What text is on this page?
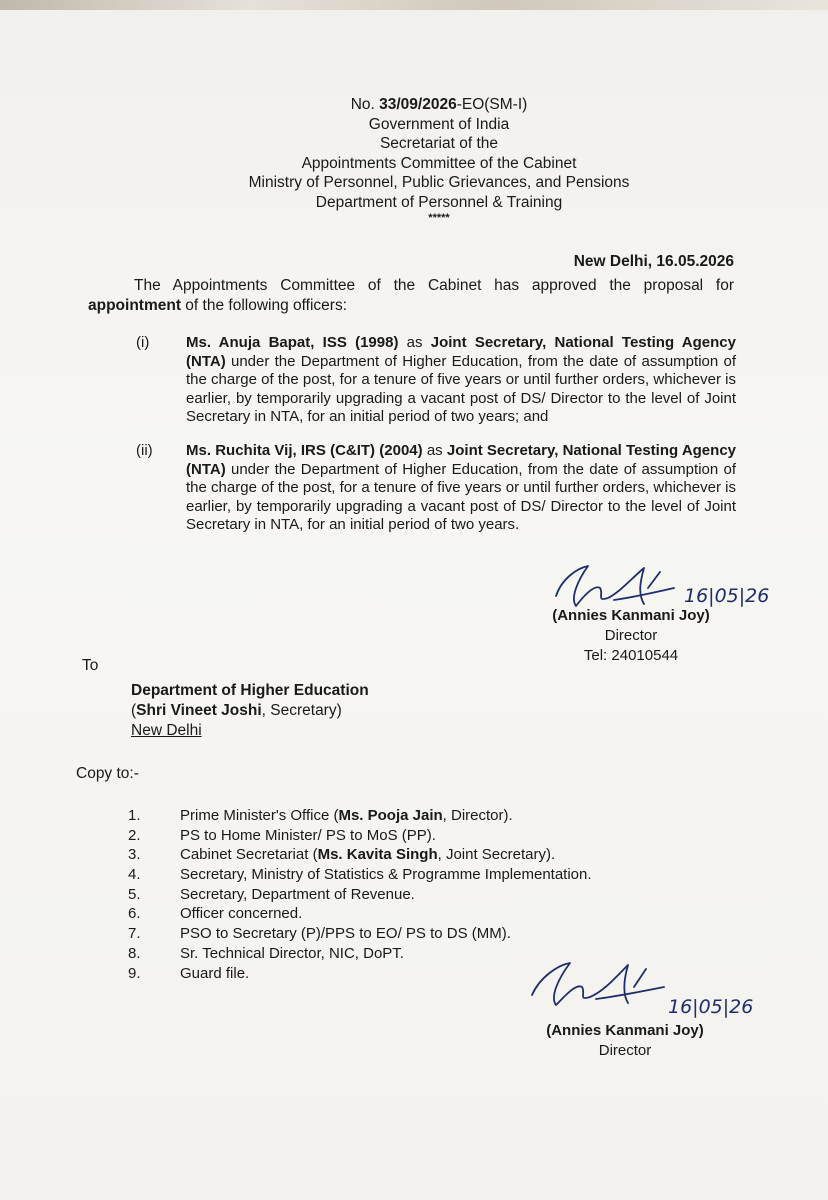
No. 33/09/2026-EO(SM-I)
Government of India
Secretariat of the
Appointments Committee of the Cabinet
Ministry of Personnel, Public Grievances, and Pensions
Department of Personnel & Training
*****
New Delhi, 16.05.2026
The Appointments Committee of the Cabinet has approved the proposal for
appointment of the following officers:
(i)	Ms. Anuja Bapat, ISS (1998) as Joint Secretary, National Testing Agency (NTA) under the Department of Higher Education, from the date of assumption of the charge of the post, for a tenure of five years or until further orders, whichever is earlier, by temporarily upgrading a vacant post of DS/ Director to the level of Joint Secretary in NTA, for an initial period of two years; and
(ii)	Ms. Ruchita Vij, IRS (C&IT) (2004) as Joint Secretary, National Testing Agency (NTA) under the Department of Higher Education, from the date of assumption of the charge of the post, for a tenure of five years or until further orders, whichever is earlier, by temporarily upgrading a vacant post of DS/ Director to the level of Joint Secretary in NTA, for an initial period of two years.
16|05|26
(Annies Kanmani Joy)
Director
Tel: 24010544
To
Department of Higher Education
(Shri Vineet Joshi, Secretary)
New Delhi
Copy to:-
1.	Prime Minister's Office (Ms. Pooja Jain, Director).
2.	PS to Home Minister/ PS to MoS (PP).
3.	Cabinet Secretariat (Ms. Kavita Singh, Joint Secretary).
4.	Secretary, Ministry of Statistics & Programme Implementation.
5.	Secretary, Department of Revenue.
6.	Officer concerned.
7.	PSO to Secretary (P)/PPS to EO/ PS to DS (MM).
8.	Sr. Technical Director, NIC, DoPT.
9.	Guard file.
16|05|26
(Annies Kanmani Joy)
Director
